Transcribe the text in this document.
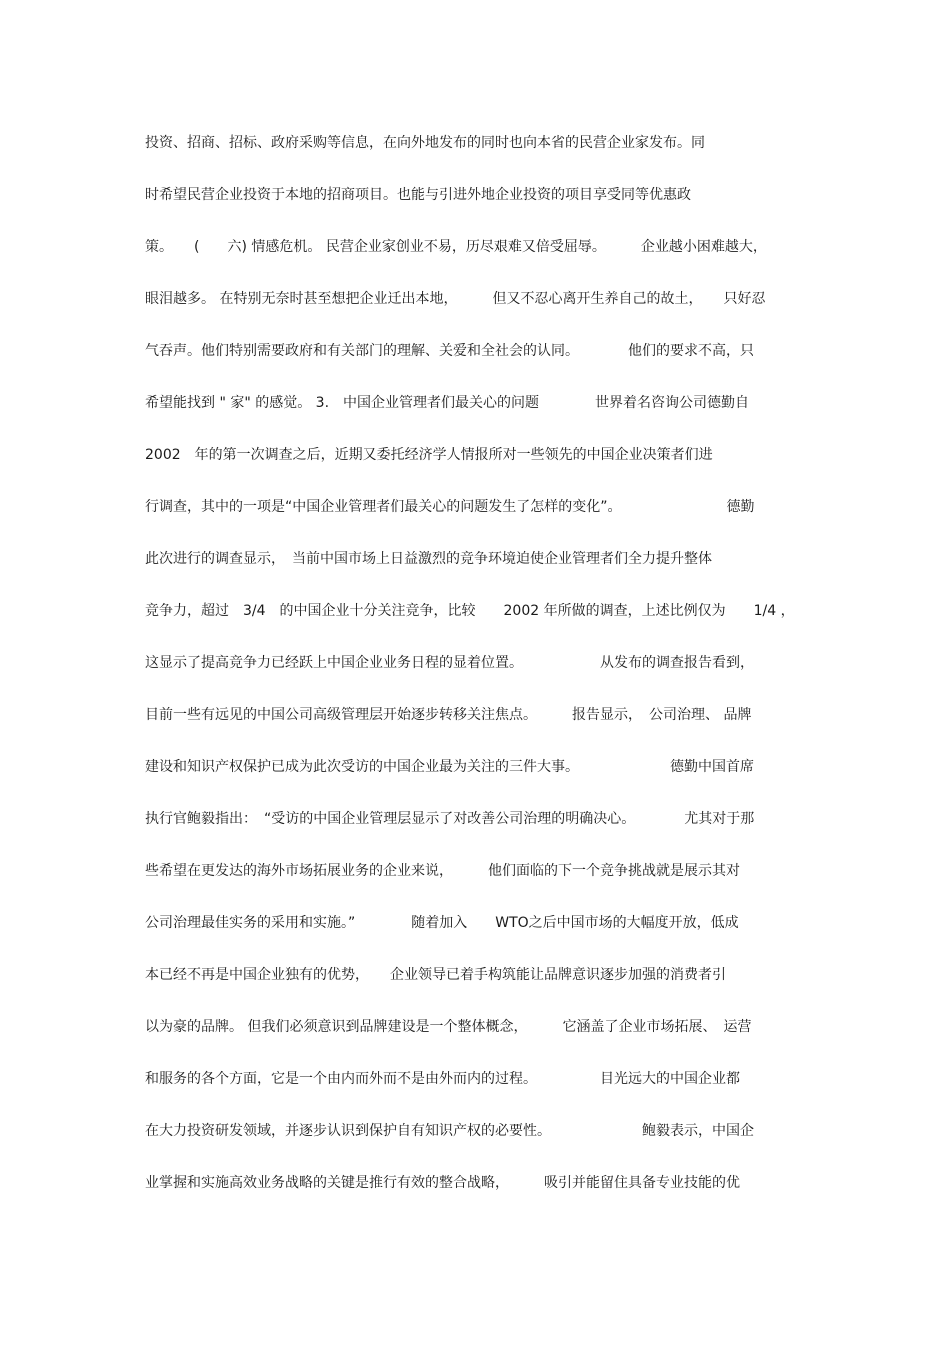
投资、招商、招标、政府采购等信息，在向外地发布的同时也向本省的民营企业家发布。同
时希望民营企业投资于本地的招商项目。也能与引进外地企业投资的项目享受同等优惠政
策。　　(　　六) 情感危机。 民营企业家创业不易，历尽艰难又倍受屈辱。　　　企业越小困难越大，
眼泪越多。 在特别无奈时甚至想把企业迁出本地，　　　但又不忍心离开生养自己的故土，　　只好忍
气吞声。他们特别需要政府和有关部门的理解、关爱和全社会的认同。　　　　他们的要求不高，只
希望能找到 " 家" 的感觉。 3.　中国企业管理者们最关心的问题　　　　世界着名咨询公司德勤自
2002　年的第一次调查之后，近期又委托经济学人情报所对一些领先的中国企业决策者们进
行调查，其中的一项是“中国企业管理者们最关心的问题发生了怎样的变化”。　　　　　　　　德勤
此次进行的调查显示，　当前中国市场上日益激烈的竞争环境迫使企业管理者们全力提升整体
竞争力，超过　3/4　的中国企业十分关注竞争，比较　　2002 年所做的调查，上述比例仅为　　1/4 ，
这显示了提高竞争力已经跃上中国企业业务日程的显着位置。　　　　　　从发布的调查报告看到，
目前一些有远见的中国公司高级管理层开始逐步转移关注焦点。　　　报告显示，　公司治理、 品牌
建设和知识产权保护已成为此次受访的中国企业最为关注的三件大事。　　　　　　　德勤中国首席
执行官鲍毅指出：　“受访的中国企业管理层显示了对改善公司治理的明确决心。　　　　尤其对于那
些希望在更发达的海外市场拓展业务的企业来说，　　　他们面临的下一个竞争挑战就是展示其对
公司治理最佳实务的采用和实施。”　　　　随着加入　　WTO之后中国市场的大幅度开放，低成
本已经不再是中国企业独有的优势，　　企业领导已着手构筑能让品牌意识逐步加强的消费者引
以为豪的品牌。 但我们必须意识到品牌建设是一个整体概念，　　　它涵盖了企业市场拓展、　运营
和服务的各个方面，它是一个由内而外而不是由外而内的过程。　　　　　目光远大的中国企业都
在大力投资研发领域，并逐步认识到保护自有知识产权的必要性。　　　　　　　鲍毅表示，中国企
业掌握和实施高效业务战略的关键是推行有效的整合战略，　　　吸引并能留住具备专业技能的优
